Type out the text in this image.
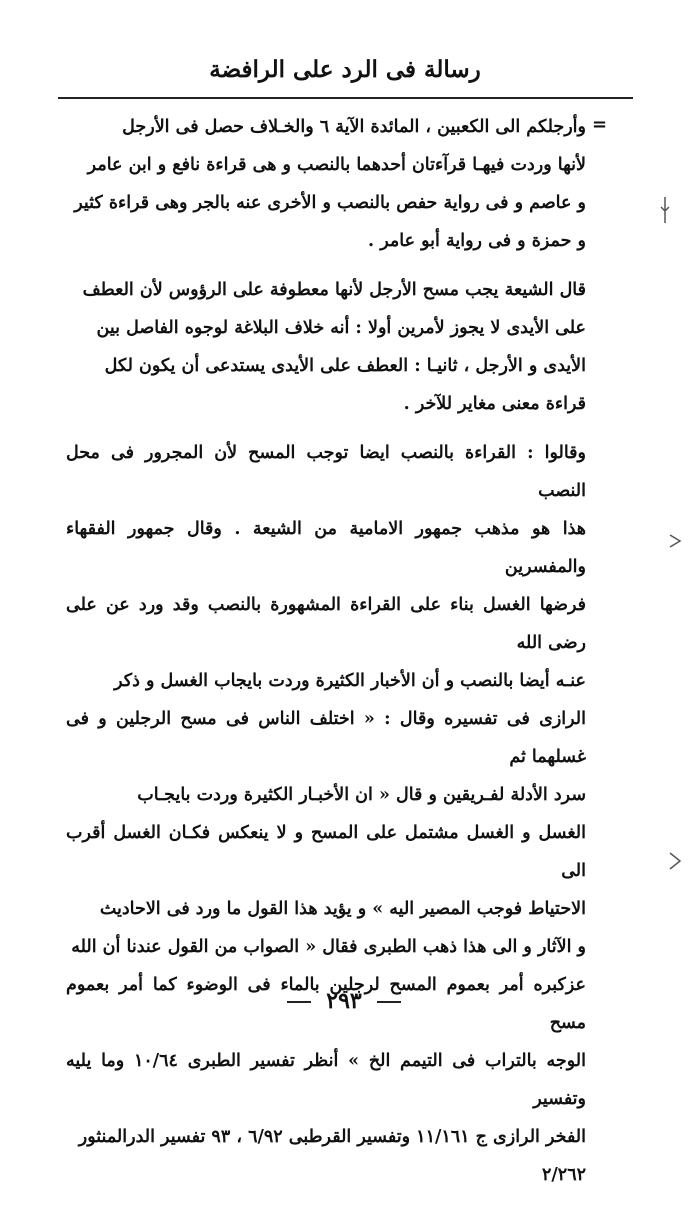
رسالة فى الرد على الرافضة
=

وأرجلكم الى الكعبين ، المائدة الآية ٦ والخـلاف حصل فى الأرجل

لأنها وردت فيهـا قرآءتان أحدهما بالنصب و هى قراءة نافع و ابن عامر

و عاصم و فى رواية حفص بالنصب و الأخرى عنه بالجر وهى قراءة كثير

و حمزة و فى رواية أبو عامر .

قال الشيعة يجب مسح الأرجل لأنها معطوفة على الرؤوس لأن العطف

على الأيدى لا يجوز لأمرين أولا : أنه خلاف البلاغة لوجوه الفاصل بين

الأيدى و الأرجل ، ثانيـا : العطف على الأيدى يستدعى أن يكون لكل

قراءة معنى مغاير للآخر .

وقالوا : القراءة بالنصب ايضا توجب المسح لأن المجرور فى محل النصب

هذا هو مذهب جمهور الامامية من الشيعة . وقال جمهور الفقهاء والمفسرين

فرضها الغسل بناء على القراءة المشهورة بالنصب وقد ورد عن على رضى الله

عنـه أيضا بالنصب و أن الأخبار الكثيرة وردت بايجاب الغسل و ذكر

الرازى فى تفسيره وقال : « اختلف الناس فى مسح الرجلين و فى غسلهما ثم

سرد الأدلة لفـريقين و قال « ان الأخبـار الكثيرة وردت بايجـاب

الغسل و الغسل مشتمل على المسح و لا ينعكس فكـان الغسل أقرب الى

الاحتياط فوجب المصير اليه » و يؤيد هذا القول ما ورد فى الاحاديث

و الآثار و الى هذا ذهب الطبرى فقال « الصواب من القول عندنا أن الله

عزكبره أمر بعموم المسح لرجلين بالماء فى الوضوء كما أمر بعموم مسح

الوجه بالتراب فى التيمم الخ » أنظر تفسير الطبرى ١٠/٦٤ وما يليه وتفسير

الفخر الرازى ج ١١/١٦١ وتفسير القرطبى ٦/٩٢ ، ٩٣ تفسير الدرالمنثور

٢/٢٦٢

٢٩٣
